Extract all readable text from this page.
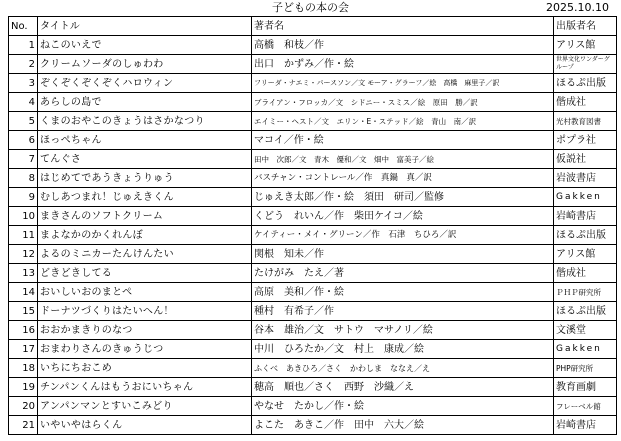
子どもの本の会	2025.10.10
No.	タイトル	著者名	出版者名
1	ねこのいえで	高橋　和枝／作	アリス館
2	クリームソーダのしゅわわ	出口　かずみ／作・絵	世界文化ワンダーグループ
3	ぞくぞくぞくぞくハロウィン	フリーダ・ナエミ・パースソン／文 モーア・グラーフ／絵　高橋　麻里子／訳	ほるぷ出版
4	あらしの島で	ブライアン・フロッカ／文　シドニー・スミス／絵　原田　勝／訳	偕成社
5	くまのおやこのきょうはさかなつり	エイミー・ヘスト／文　エリン・E・ステッド／絵　青山　南／訳	光村教育図書
6	ほっぺちゃん	マコイ／作・絵	ポプラ社
7	てんぐさ	田中　次郎／文　青木　優和／文　畑中　富美子／絵	仮説社
8	はじめてであうきょうりゅう	バスチャン・コントレール／作　真鍋　真／訳	岩波書店
9	むしあつまれ！じゅえきくん	じゅえき太郎／作・絵　須田　研司／監修	Gakken
10	まきさんのソフトクリーム	くどう　れいん／作　柴田ケイコ／絵	岩崎書店
11	まよなかのかくれんぼ	ケイティー・メイ・グリーン／作　石津　ちひろ／訳	ほるぷ出版
12	よるのミニカーたんけんたい	関根　知未／作	アリス館
13	どきどきしてる	たけがみ　たえ／著	偕成社
14	おいしいおのまとぺ	高原　美和／作・絵	ＰＨＰ研究所
15	ドーナツづくりはたいへん！	種村　有希子／作	ほるぷ出版
16	おおかまきりのなつ	谷本　雄治／文　サトウ　マサノリ／絵	文溪堂
17	おまわりさんのきゅうじつ	中川　ひろたか／文　村上　康成／絵	Gakken
18	いちにちおこめ	ふくべ　あきひろ／さく　かわしま　ななえ／え	PHP研究所
19	チンパンくんはもうおにいちゃん	穂高　順也／さく　西野　沙織／え	教育画劇
20	アンパンマンとすいこみどり	やなせ　たかし／作・絵	フレーベル館
21	いやいやはらくん	よこた　あきこ／作　田中　六大／絵	岩崎書店
